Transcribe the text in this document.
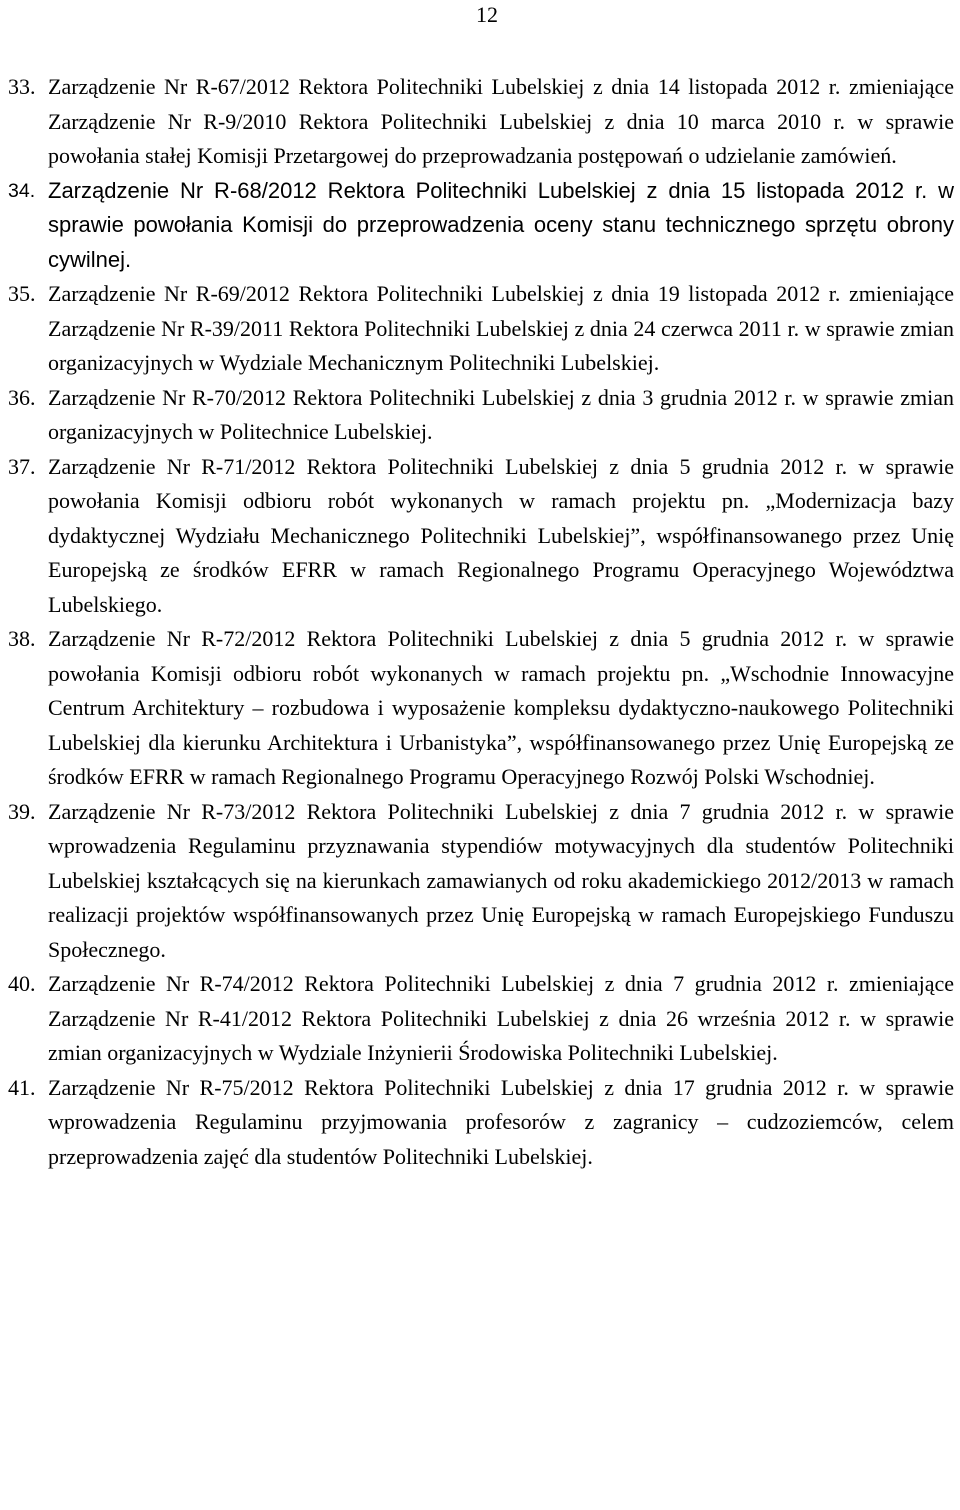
12
33. Zarządzenie Nr R-67/2012 Rektora Politechniki Lubelskiej z dnia 14 listopada 2012 r. zmieniające Zarządzenie Nr R-9/2010 Rektora Politechniki Lubelskiej z dnia 10 marca 2010 r. w sprawie powołania stałej Komisji Przetargowej do przeprowadzania postępowań o udzielanie zamówień.
34. Zarządzenie Nr R-68/2012 Rektora Politechniki Lubelskiej z dnia 15 listopada 2012 r. w sprawie powołania Komisji do przeprowadzenia oceny stanu technicznego sprzętu obrony cywilnej.
35. Zarządzenie Nr R-69/2012 Rektora Politechniki Lubelskiej z dnia 19 listopada 2012 r. zmieniające Zarządzenie Nr R-39/2011 Rektora Politechniki Lubelskiej z dnia 24 czerwca 2011 r. w sprawie zmian organizacyjnych w Wydziale Mechanicznym Politechniki Lubelskiej.
36. Zarządzenie Nr R-70/2012 Rektora Politechniki Lubelskiej z dnia 3 grudnia 2012 r. w sprawie zmian organizacyjnych w Politechnice Lubelskiej.
37. Zarządzenie Nr R-71/2012 Rektora Politechniki Lubelskiej z dnia 5 grudnia 2012 r. w sprawie powołania Komisji odbioru robót wykonanych w ramach projektu pn. „Modernizacja bazy dydaktycznej Wydziału Mechanicznego Politechniki Lubelskiej”, współfinansowanego przez Unię Europejską ze środków EFRR w ramach Regionalnego Programu Operacyjnego Województwa Lubelskiego.
38. Zarządzenie Nr R-72/2012 Rektora Politechniki Lubelskiej z dnia 5 grudnia 2012 r. w sprawie powołania Komisji odbioru robót wykonanych w ramach projektu pn. „Wschodnie Innowacyjne Centrum Architektury – rozbudowa i wyposażenie kompleksu dydaktyczno-naukowego Politechniki Lubelskiej dla kierunku Architektura i Urbanistyka”, współfinansowanego przez Unię Europejską ze środków EFRR w ramach Regionalnego Programu Operacyjnego Rozwój Polski Wschodniej.
39. Zarządzenie Nr R-73/2012 Rektora Politechniki Lubelskiej z dnia 7 grudnia 2012 r. w sprawie wprowadzenia Regulaminu przyznawania stypendiów motywacyjnych dla studentów Politechniki Lubelskiej kształcących się na kierunkach zamawianych od roku akademickiego 2012/2013 w ramach realizacji projektów współfinansowanych przez Unię Europejską w ramach Europejskiego Funduszu Społecznego.
40. Zarządzenie Nr R-74/2012 Rektora Politechniki Lubelskiej z dnia 7 grudnia 2012 r. zmieniające Zarządzenie Nr R-41/2012 Rektora Politechniki Lubelskiej z dnia 26 września 2012 r. w sprawie zmian organizacyjnych w Wydziale Inżynierii Środowiska Politechniki Lubelskiej.
41. Zarządzenie Nr R-75/2012 Rektora Politechniki Lubelskiej z dnia 17 grudnia 2012 r. w sprawie wprowadzenia Regulaminu przyjmowania profesorów z zagranicy – cudzoziemców, celem przeprowadzenia zajęć dla studentów Politechniki Lubelskiej.
